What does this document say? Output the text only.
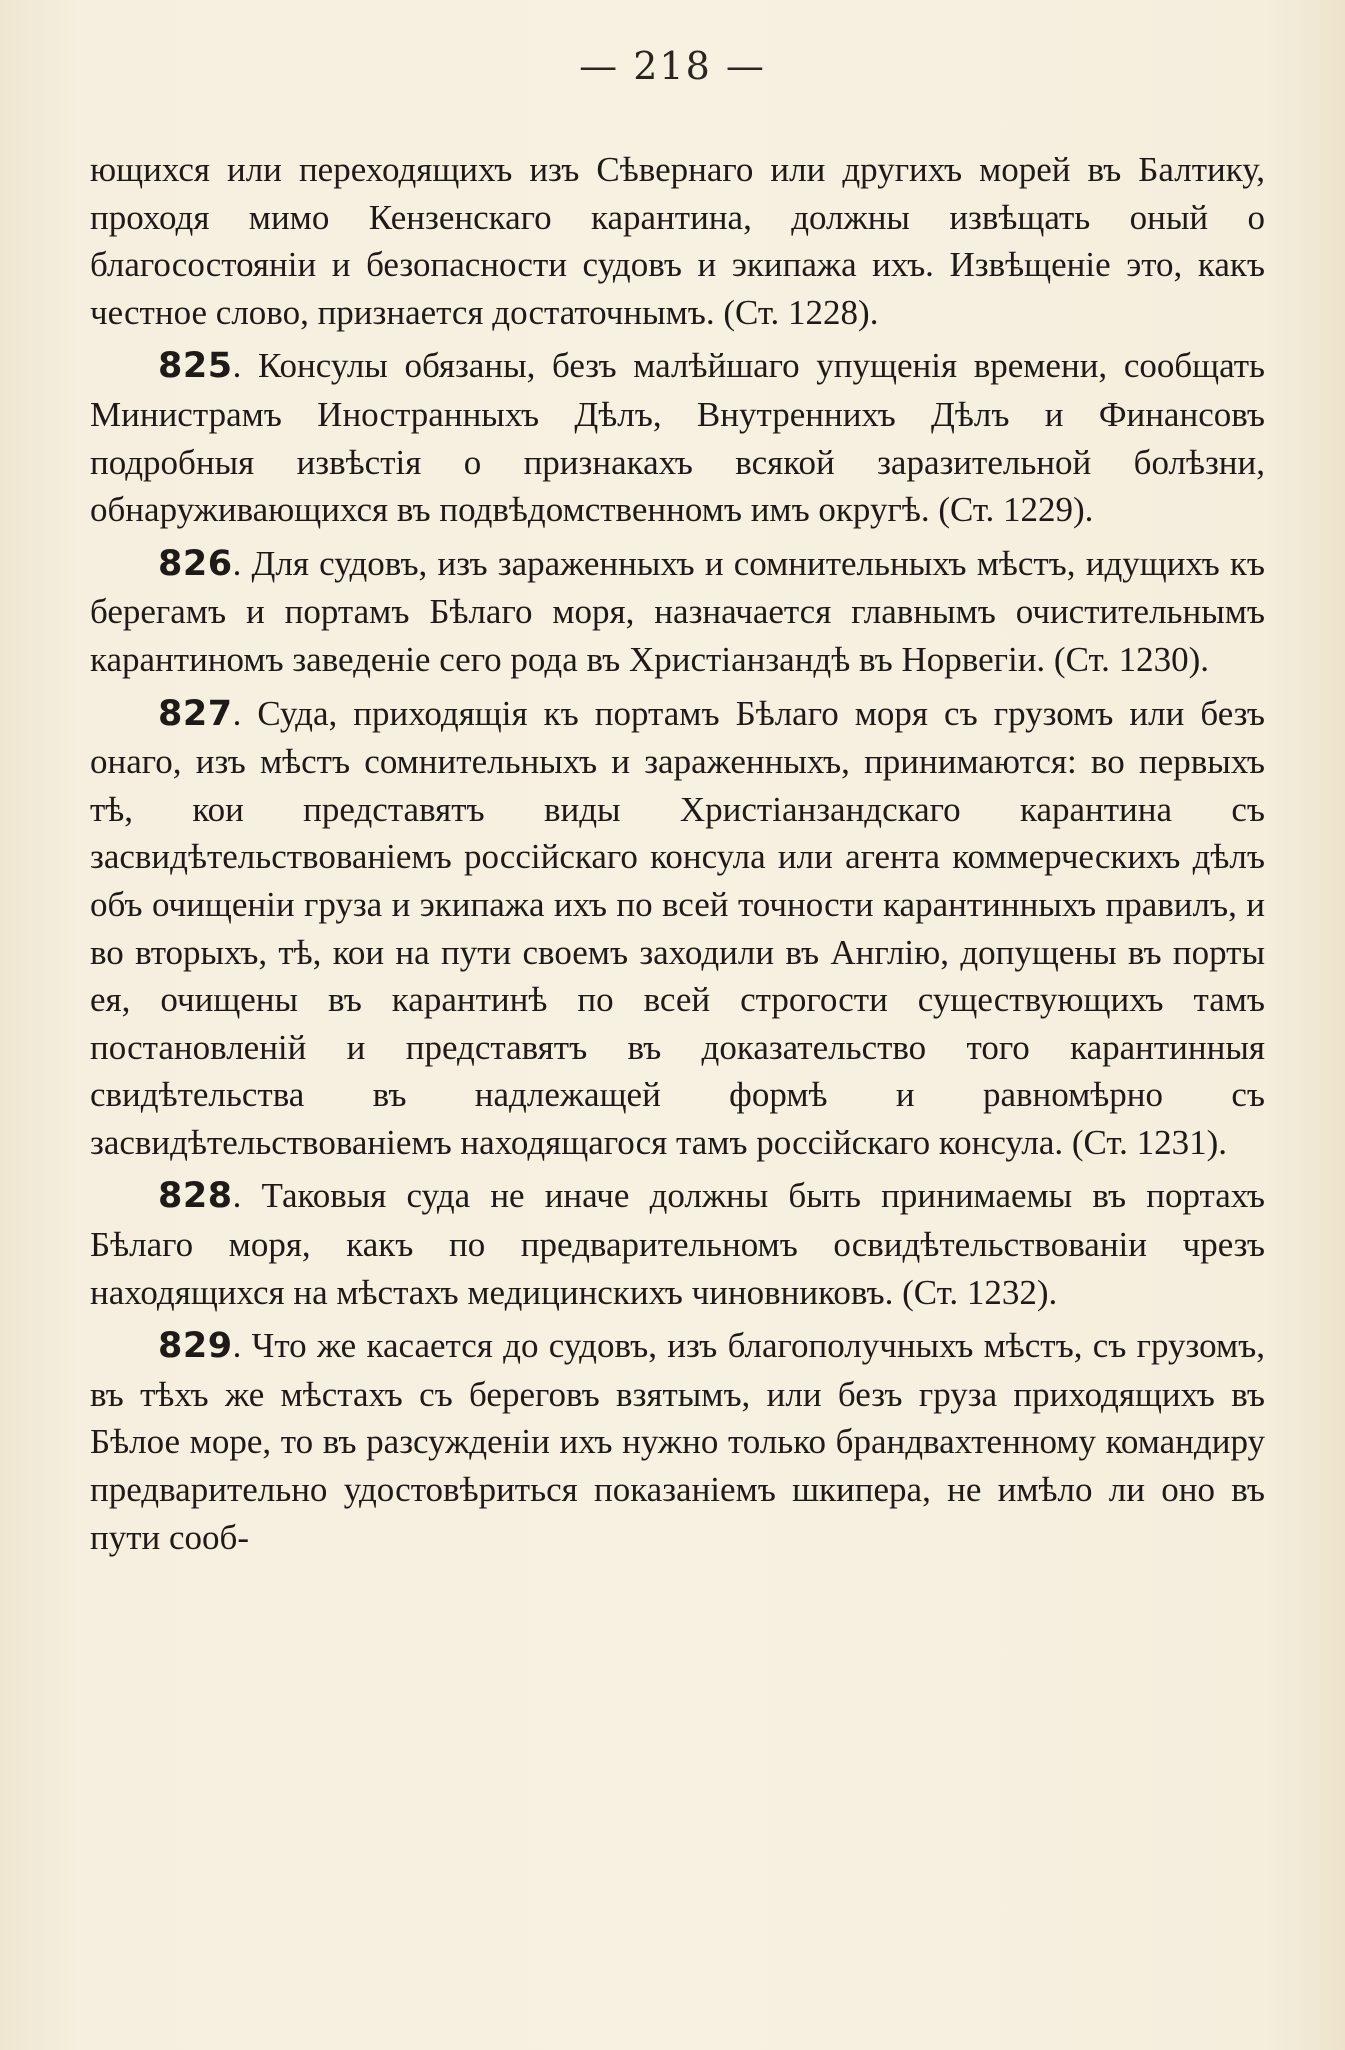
— 218 —

ющихся или переходящихъ изъ Сѣвернаго или другихъ морей въ Балтику, проходя мимо Кензенскаго карантина, должны извѣщать оный о благосостояніи и безопасности судовъ и экипажа ихъ. Извѣщеніе это, какъ честное слово, признается достаточнымъ. (Ст. 1228).

825. Консулы обязаны, безъ малѣйшаго упущенія времени, сообщать Министрамъ Иностранныхъ Дѣлъ, Внутреннихъ Дѣлъ и Финансовъ подробныя извѣстія о признакахъ всякой заразительной болѣзни, обнаруживающихся въ подвѣдомственномъ имъ округѣ. (Ст. 1229).

826. Для судовъ, изъ зараженныхъ и сомнительныхъ мѣстъ, идущихъ къ берегамъ и портамъ Бѣлаго моря, назначается главнымъ очистительнымъ карантиномъ заведеніе сего рода въ Христіанзандѣ въ Норвегіи. (Ст. 1230).

827. Суда, приходящія къ портамъ Бѣлаго моря съ грузомъ или безъ онаго, изъ мѣстъ сомнительныхъ и зараженныхъ, принимаются: во первыхъ тѣ, кои представятъ виды Христіанзандскаго карантина съ засвидѣтельствованіемъ россійскаго консула или агента коммерческихъ дѣлъ объ очищеніи груза и экипажа ихъ по всей точности карантинныхъ правилъ, и во вторыхъ, тѣ, кои на пути своемъ заходили въ Англію, допущены въ порты ея, очищены въ карантинѣ по всей строгости существующихъ тамъ постановленій и представятъ въ доказательство того карантинныя свидѣтельства въ надлежащей формѣ и равномѣрно съ засвидѣтельствованіемъ находящагося тамъ россійскаго консула. (Ст. 1231).

828. Таковыя суда не иначе должны быть принимаемы въ портахъ Бѣлаго моря, какъ по предварительномъ освидѣтельствованіи чрезъ находящихся на мѣстахъ медицинскихъ чиновниковъ. (Ст. 1232).

829. Что же касается до судовъ, изъ благополучныхъ мѣстъ, съ грузомъ, въ тѣхъ же мѣстахъ съ береговъ взятымъ, или безъ груза приходящихъ въ Бѣлое море, то въ разсужденіи ихъ нужно только брандвахтенному командиру предварительно удостовѣриться показаніемъ шкипера, не имѣло ли оно въ пути сооб-
